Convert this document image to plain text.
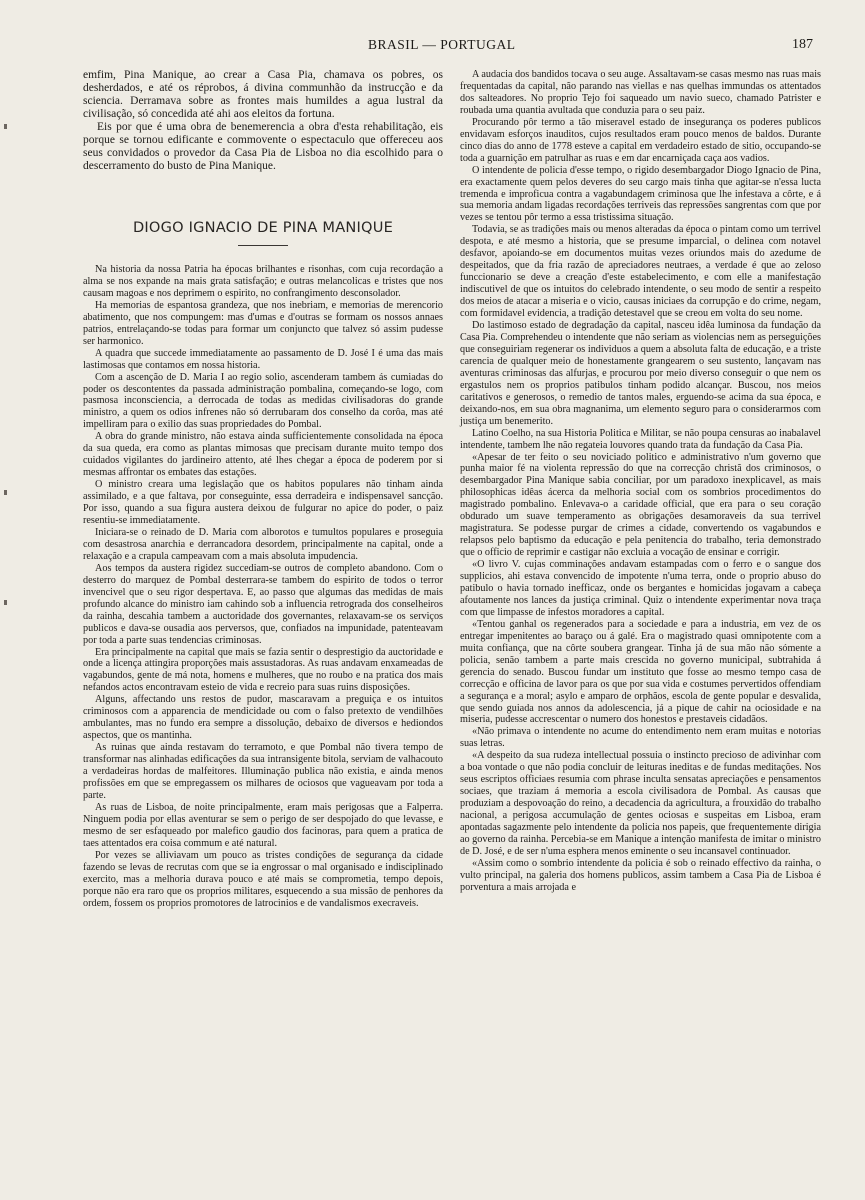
BRASIL — PORTUGAL	187

emfim, Pina Manique, ao crear a Casa Pia, chamava os pobres, os desherdados, e até os réprobos, á divina communhão da instrucção e da sciencia. Derramava sobre as frontes mais humildes a agua lustral da civilisação, só concedida até ahi aos eleitos da fortuna.

Eis por que é uma obra de benemerencia a obra d'esta rehabilitação, eis porque se tornou edificante e commovente o espectaculo que offereceu aos seus convidados o provedor da Casa Pia de Lisboa no dia escolhido para o descerramento do busto de Pina Manique.

DIOGO IGNACIO DE PINA MANIQUE

Na historia da nossa Patria ha épocas brilhantes e risonhas, com cuja recordação a alma se nos expande na mais grata satisfação; e outras melancolicas e tristes que nos causam magoas e nos deprimem o espirito, no confrangimento desconsolador.

Ha memorias de espantosa grandeza, que nos inebriam, e memorias de merencorio abatimento, que nos compungem: mas d'umas e d'outras se formam os nossos annaes patrios, entrelaçando-se todas para formar um conjuncto que talvez só assim pudesse ser harmonico.

A quadra que succede immediatamente ao passamento de D. José I é uma das mais lastimosas que contamos em nossa historia.

Com a ascenção de D. Maria I ao regio solio, ascenderam tambem ás cumiadas do poder os descontentes da passada administração pombalina, começando-se logo, com pasmosa inconsciencia, a derrocada de todas as medidas civilisadoras do grande ministro, a quem os odios infrenes não só derrubaram dos conselho da corôa, mas até impelliram para o exilio das suas propriedades do Pombal.

A obra do grande ministro, não estava ainda sufficientemente consolidada na época da sua queda, era como as plantas mimosas que precisam durante muito tempo dos cuidados vigilantes do jardineiro attento, até lhes chegar a época de poderem por si mesmas affrontar os embates das estações.

O ministro creara uma legislação que os habitos populares não tinham ainda assimilado, e a que faltava, por conseguinte, essa derradeira e indispensavel sancção. Por isso, quando a sua figura austera deixou de fulgurar no apice do poder, o paiz resentiu-se immediatamente.

Iniciara-se o reinado de D. Maria com alborotos e tumultos populares e proseguia com desastrosa anarchia e derrancadora desordem, principalmente na capital, onde a relaxação e a crapula campeavam com a mais absoluta impudencia.

Aos tempos da austera rigidez succediam-se outros de completo abandono. Com o desterro do marquez de Pombal desterrara-se tambem do espirito de todos o terror invencivel que o seu rigor despertava. E, ao passo que algumas das medidas de mais profundo alcance do ministro iam cahindo sob a influencia retrograda dos conselheiros da rainha, descahia tambem a auctoridade dos governantes, relaxavam-se os serviços publicos e dava-se ousadia aos perversos, que, confiados na impunidade, patenteavam por toda a parte suas tendencias criminosas.

Era principalmente na capital que mais se fazia sentir o desprestigio da auctoridade e onde a licença attingira proporções mais assustadoras. As ruas andavam enxameadas de vagabundos, gente de má nota, homens e mulheres, que no roubo e na pratica dos mais nefandos actos encontravam esteio de vida e recreio para suas ruins disposições.

Alguns, affectando uns restos de pudor, mascaravam a preguiça e os intuitos criminosos com a apparencia de mendicidade ou com o falso pretexto de vendilhões ambulantes, mas no fundo era sempre a dissolução, debaixo de diversos e hediondos aspectos, que os mantinha.

As ruinas que ainda restavam do terramoto, e que Pombal não tivera tempo de transformar nas alinhadas edificações da sua intransigente bitola, serviam de valhacouto a verdadeiras hordas de malfeitores. Illuminação publica não existia, e ainda menos profissões em que se empregassem os milhares de ociosos que vagueavam por toda a parte.

As ruas de Lisboa, de noite principalmente, eram mais perigosas que a Falperra. Ninguem podia por ellas aventurar se sem o perigo de ser despojado do que levasse, e mesmo de ser esfaqueado por malefico gaudio dos facinoras, para quem a pratica de taes attentados era coisa commum e até natural.

Por vezes se alliviavam um pouco as tristes condições de segurança da cidade fazendo se levas de recrutas com que se ia engrossar o mal organisado e indisciplinado exercito, mas a melhoria durava pouco e até mais se comprometia, tempo depois, porque não era raro que os proprios militares, esquecendo a sua missão de penhores da ordem, fossem os proprios promotores de latrocinios e de vandalismos execraveis.

A audacia dos bandidos tocava o seu auge. Assaltavam-se casas mesmo nas ruas mais frequentadas da capital, não parando nas viellas e nas quelhas immundas os attentados dos salteadores. No proprio Tejo foi saqueado um navio sueco, chamado Patrister e roubada uma quantia avultada que conduzia para o seu paiz.

Procurando pôr termo a tão miseravel estado de insegurança os poderes publicos envidavam esforços inauditos, cujos resultados eram pouco menos de baldos. Durante cinco dias do anno de 1778 esteve a capital em verdadeiro estado de sitio, occupando-se toda a guarnição em patrulhar as ruas e em dar encarniçada caça aos vadios.

O intendente de policia d'esse tempo, o rigido desembargador Diogo Ignacio de Pina, era exactamente quem pelos deveres do seu cargo mais tinha que agitar-se n'essa lucta tremenda e improficua contra a vagabundagem criminosa que lhe infestava a côrte, e á sua memoria andam ligadas recordações terriveis das repressões sangrentas com que por vezes se tentou pôr termo a essa tristissima situação.

Todavia, se as tradições mais ou menos alteradas da época o pintam como um terrivel despota, e até mesmo a historia, que se presume imparcial, o delinea com notavel desfavor, apoiando-se em documentos muitas vezes oriundos mais do azedume de despeitados, que da fria razão de apreciadores neutraes, a verdade é que ao zeloso funccionario se deve a creação d'este estabelecimento, e com elle a manifestação indiscutivel de que os intuitos do celebrado intendente, o seu modo de sentir a respeito dos meios de atacar a miseria e o vicio, causas iniciaes da corrupção e do crime, negam, com formidavel evidencia, a tradição detestavel que se creou em volta do seu nome.

Do lastimoso estado de degradação da capital, nasceu idêa luminosa da fundação da Casa Pia. Comprehendeu o intendente que não seriam as violencias nem as perseguições que conseguiriam regenerar os individuos a quem a absoluta falta de educação, e a triste carencia de qualquer meio de honestamente grangearem o seu sustento, lançavam nas aventuras criminosas das alfurjas, e procurou por meio diverso conseguir o que nem os ergastulos nem os proprios patibulos tinham podido alcançar. Buscou, nos meios caritativos e generosos, o remedio de tantos males, erguendo-se acima da sua época, e deixando-nos, em sua obra magnanima, um elemento seguro para o considerarmos com justiça um benemerito.

Latino Coelho, na sua Historia Politica e Militar, se não poupa censuras ao inabalavel intendente, tambem lhe não regateia louvores quando trata da fundação da Casa Pia.

«Apesar de ter feito o seu noviciado politico e administrativo n'um governo que punha maior fé na violenta repressão do que na correcção christã dos criminosos, o desembargador Pina Manique sabia conciliar, por um paradoxo inexplicavel, as mais philosophicas idêas ácerca da melhoria social com os sombrios procedimentos do magistrado pombalino. Enlevava-o a caridade official, que era para o seu coração obdurado um suave temperamento as obrigações desamoraveis da sua terrivel magistratura. Se podesse purgar de crimes a cidade, convertendo os vagabundos e relapsos pelo baptismo da educação e pela penitencia do trabalho, teria demonstrado que o officio de reprimir e castigar não excluia a vocação de ensinar e corrigir.

«O livro V. cujas comminações andavam estampadas com o ferro e o sangue dos supplicios, ahi estava convencido de impotente n'uma terra, onde o proprio abuso do patibulo o havia tornado inefficaz, onde os bergantes e homicidas jogavam a cabeça afoutamente nos lances da justiça criminal. Quiz o intendente experimentar nova traça com que limpasse de infestos moradores a capital.

«Tentou ganhal os regenerados para a sociedade e para a industria, em vez de os entregar impenitentes ao baraço ou á galé. Era o magistrado quasi omnipotente com a muita confiança, que na côrte soubera grangear. Tinha já de sua mão não sómente a policia, senão tambem a parte mais crescida no governo municipal, subtrahida á gerencia do senado. Buscou fundar um instituto que fosse ao mesmo tempo casa de correcção e officina de lavor para os que por sua vida e costumes pervertidos offendiam a segurança e a moral; asylo e amparo de orphãos, escola de gente popular e desvalida, que sendo guiada nos annos da adolescencia, já a pique de cahir na ociosidade e na miseria, pudesse accrescentar o numero dos honestos e prestaveis cidadãos.

«Não primava o intendente no acume do entendimento nem eram muitas e notorias suas letras.

«A despeito da sua rudeza intellectual possuia o instincto precioso de adivinhar com a boa vontade o que não podia concluir de leituras ineditas e de fundas meditações. Nos seus escriptos officiaes resumia com phrase inculta sensatas apreciações e pensamentos sociaes, que traziam á memoria a escola civilisadora de Pombal. As causas que produziam a despovoação do reino, a decadencia da agricultura, a frouxidão do trabalho nacional, a perigosa accumulação de gentes ociosas e suspeitas em Lisboa, eram apontadas sagazmente pelo intendente da policia nos papeis, que frequentemente dirigia ao governo da rainha. Percebia-se em Manique a intenção manifesta de imitar o ministro de D. José, e de ser n'uma esphera menos eminente o seu incansavel continuador.

«Assim como o sombrio intendente da policia é sob o reinado effectivo da rainha, o vulto principal, na galeria dos homens publicos, assim tambem a Casa Pia de Lisboa é porventura a mais arrojada e
